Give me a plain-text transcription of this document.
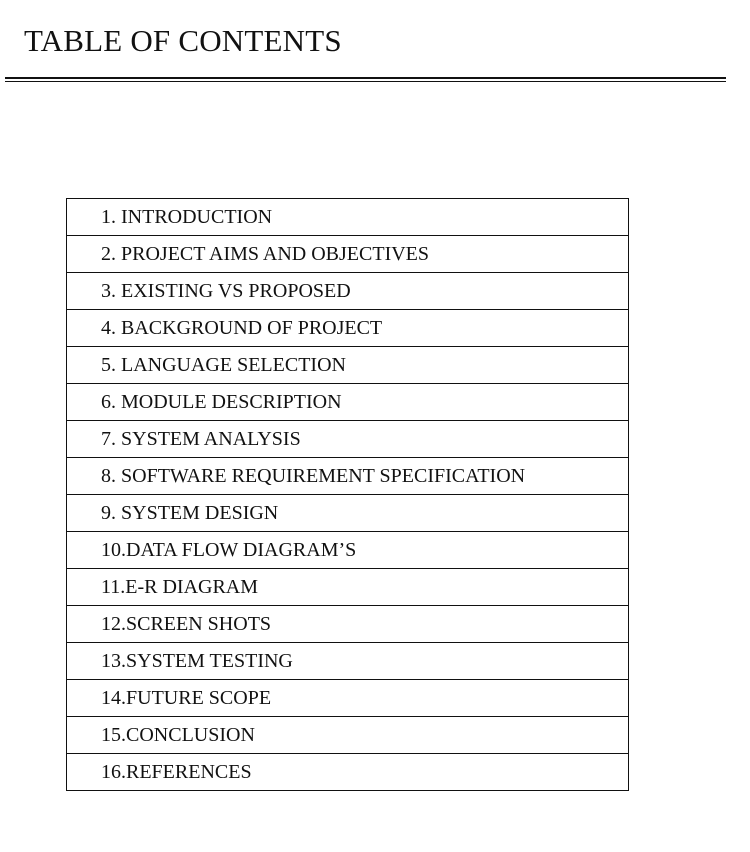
TABLE OF CONTENTS
1. INTRODUCTION
2. PROJECT AIMS AND OBJECTIVES
3. EXISTING VS PROPOSED
4. BACKGROUND OF PROJECT
5. LANGUAGE SELECTION
6. MODULE DESCRIPTION
7. SYSTEM ANALYSIS
8. SOFTWARE REQUIREMENT SPECIFICATION
9. SYSTEM DESIGN
10.DATA FLOW DIAGRAM’S
11.E-R DIAGRAM
12.SCREEN SHOTS
13.SYSTEM TESTING
14.FUTURE SCOPE
15.CONCLUSION
16.REFERENCES
